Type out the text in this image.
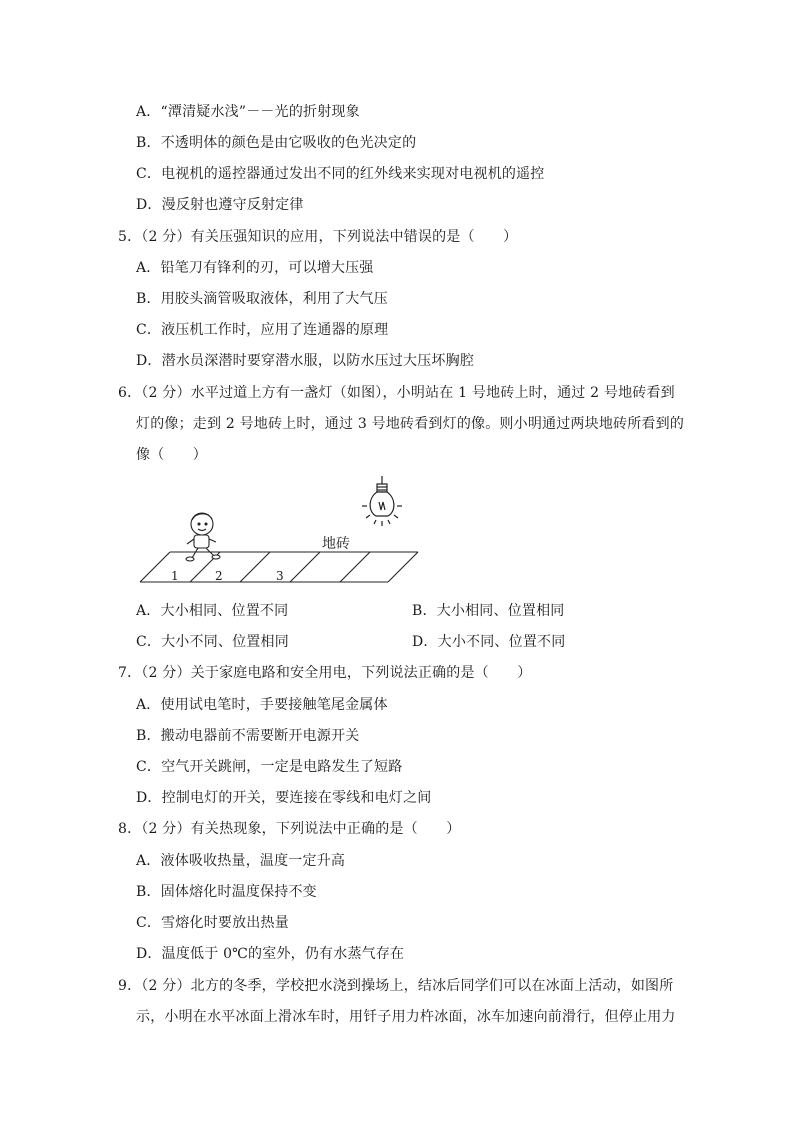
A．“潭清疑水浅”－－光的折射现象
B．不透明体的颜色是由它吸收的色光决定的
C．电视机的遥控器通过发出不同的红外线来实现对电视机的遥控
D．漫反射也遵守反射定律
5．（2 分）有关压强知识的应用，下列说法中错误的是（　　）
A．铅笔刀有锋利的刃，可以增大压强
B．用胶头滴管吸取液体，利用了大气压
C．液压机工作时，应用了连通器的原理
D．潜水员深潜时要穿潜水服，以防水压过大压坏胸腔
6．（2 分）水平过道上方有一盏灯（如图），小明站在 1 号地砖上时，通过 2 号地砖看到
灯的像；走到 2 号地砖上时，通过 3 号地砖看到灯的像。则小明通过两块地砖所看到的
像（　　）
地砖
1	2	3
A．大小相同、位置不同	B．大小相同、位置相同
C．大小不同、位置相同	D．大小不同、位置不同
7．（2 分）关于家庭电路和安全用电，下列说法正确的是（　　）
A．使用试电笔时，手要接触笔尾金属体
B．搬动电器前不需要断开电源开关
C．空气开关跳闸，一定是电路发生了短路
D．控制电灯的开关，要连接在零线和电灯之间
8．（2 分）有关热现象，下列说法中正确的是（　　）
A．液体吸收热量，温度一定升高
B．固体熔化时温度保持不变
C．雪熔化时要放出热量
D．温度低于 0℃的室外，仍有水蒸气存在
9．（2 分）北方的冬季，学校把水浇到操场上，结冰后同学们可以在冰面上活动，如图所
示，小明在水平冰面上滑冰车时，用钎子用力杵冰面，冰车加速向前滑行，但停止用力
